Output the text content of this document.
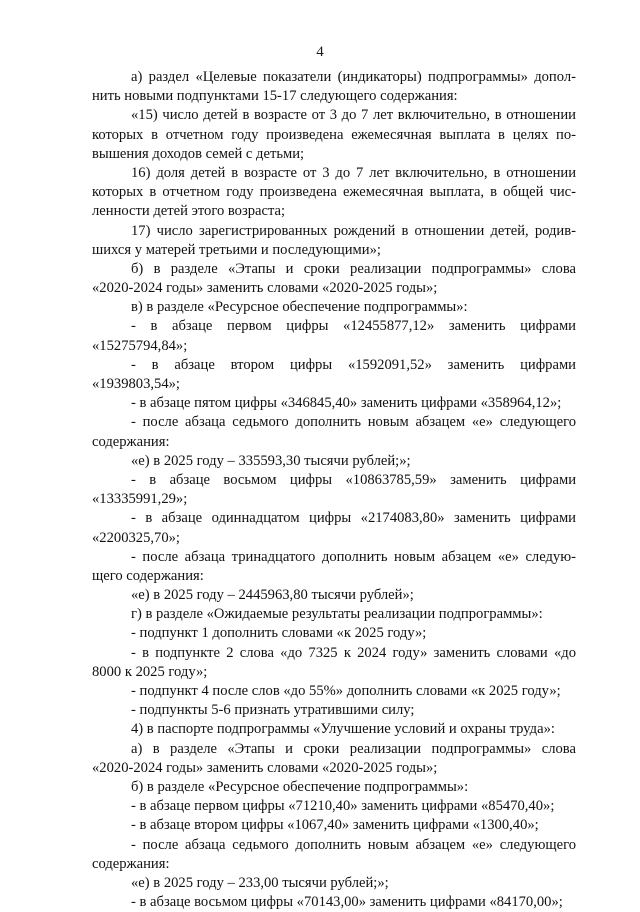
4
а) раздел «Целевые показатели (индикаторы) подпрограммы» допол-
нить новыми подпунктами 15-17 следующего содержания:
«15) число детей в возрасте от 3 до 7 лет включительно, в отношении
которых в отчетном году произведена ежемесячная выплата в целях по-
вышения доходов семей с детьми;
16) доля детей в возрасте от 3 до 7 лет включительно, в отношении
которых в отчетном году произведена ежемесячная выплата, в общей чис-
ленности детей этого возраста;
17) число зарегистрированных рождений в отношении детей, родив-
шихся у матерей третьими и последующими»;
б) в разделе «Этапы и сроки реализации подпрограммы» слова
«2020-2024 годы» заменить словами «2020-2025 годы»;
в) в разделе «Ресурсное обеспечение подпрограммы»:
- в абзаце первом цифры «12455877,12» заменить цифрами
«15275794,84»;
- в абзаце втором цифры «1592091,52» заменить цифрами
«1939803,54»;
- в абзаце пятом цифры «346845,40» заменить цифрами «358964,12»;
- после абзаца седьмого дополнить новым абзацем «е» следующего
содержания:
«е) в 2025 году – 335593,30 тысячи рублей;»;
- в абзаце восьмом цифры «10863785,59» заменить цифрами
«13335991,29»;
- в абзаце одиннадцатом цифры «2174083,80» заменить цифрами
«2200325,70»;
- после абзаца тринадцатого дополнить новым абзацем «е» следую-
щего содержания:
«е) в 2025 году – 2445963,80 тысячи рублей»;
г) в разделе «Ожидаемые результаты реализации подпрограммы»:
- подпункт 1 дополнить словами «к 2025 году»;
- в подпункте 2 слова «до 7325 к 2024 году» заменить словами «до
8000 к 2025 году»;
- подпункт 4 после слов «до 55%» дополнить словами «к 2025 году»;
- подпункты 5-6 признать утратившими силу;
4) в паспорте подпрограммы «Улучшение условий и охраны труда»:
а) в разделе «Этапы и сроки реализации подпрограммы» слова
«2020-2024 годы» заменить словами «2020-2025 годы»;
б) в разделе «Ресурсное обеспечение подпрограммы»:
- в абзаце первом цифры «71210,40» заменить цифрами «85470,40»;
- в абзаце втором цифры «1067,40» заменить цифрами «1300,40»;
- после абзаца седьмого дополнить новым абзацем «е» следующего
содержания:
«е) в 2025 году – 233,00 тысячи рублей;»;
- в абзаце восьмом цифры «70143,00» заменить цифрами «84170,00»;
